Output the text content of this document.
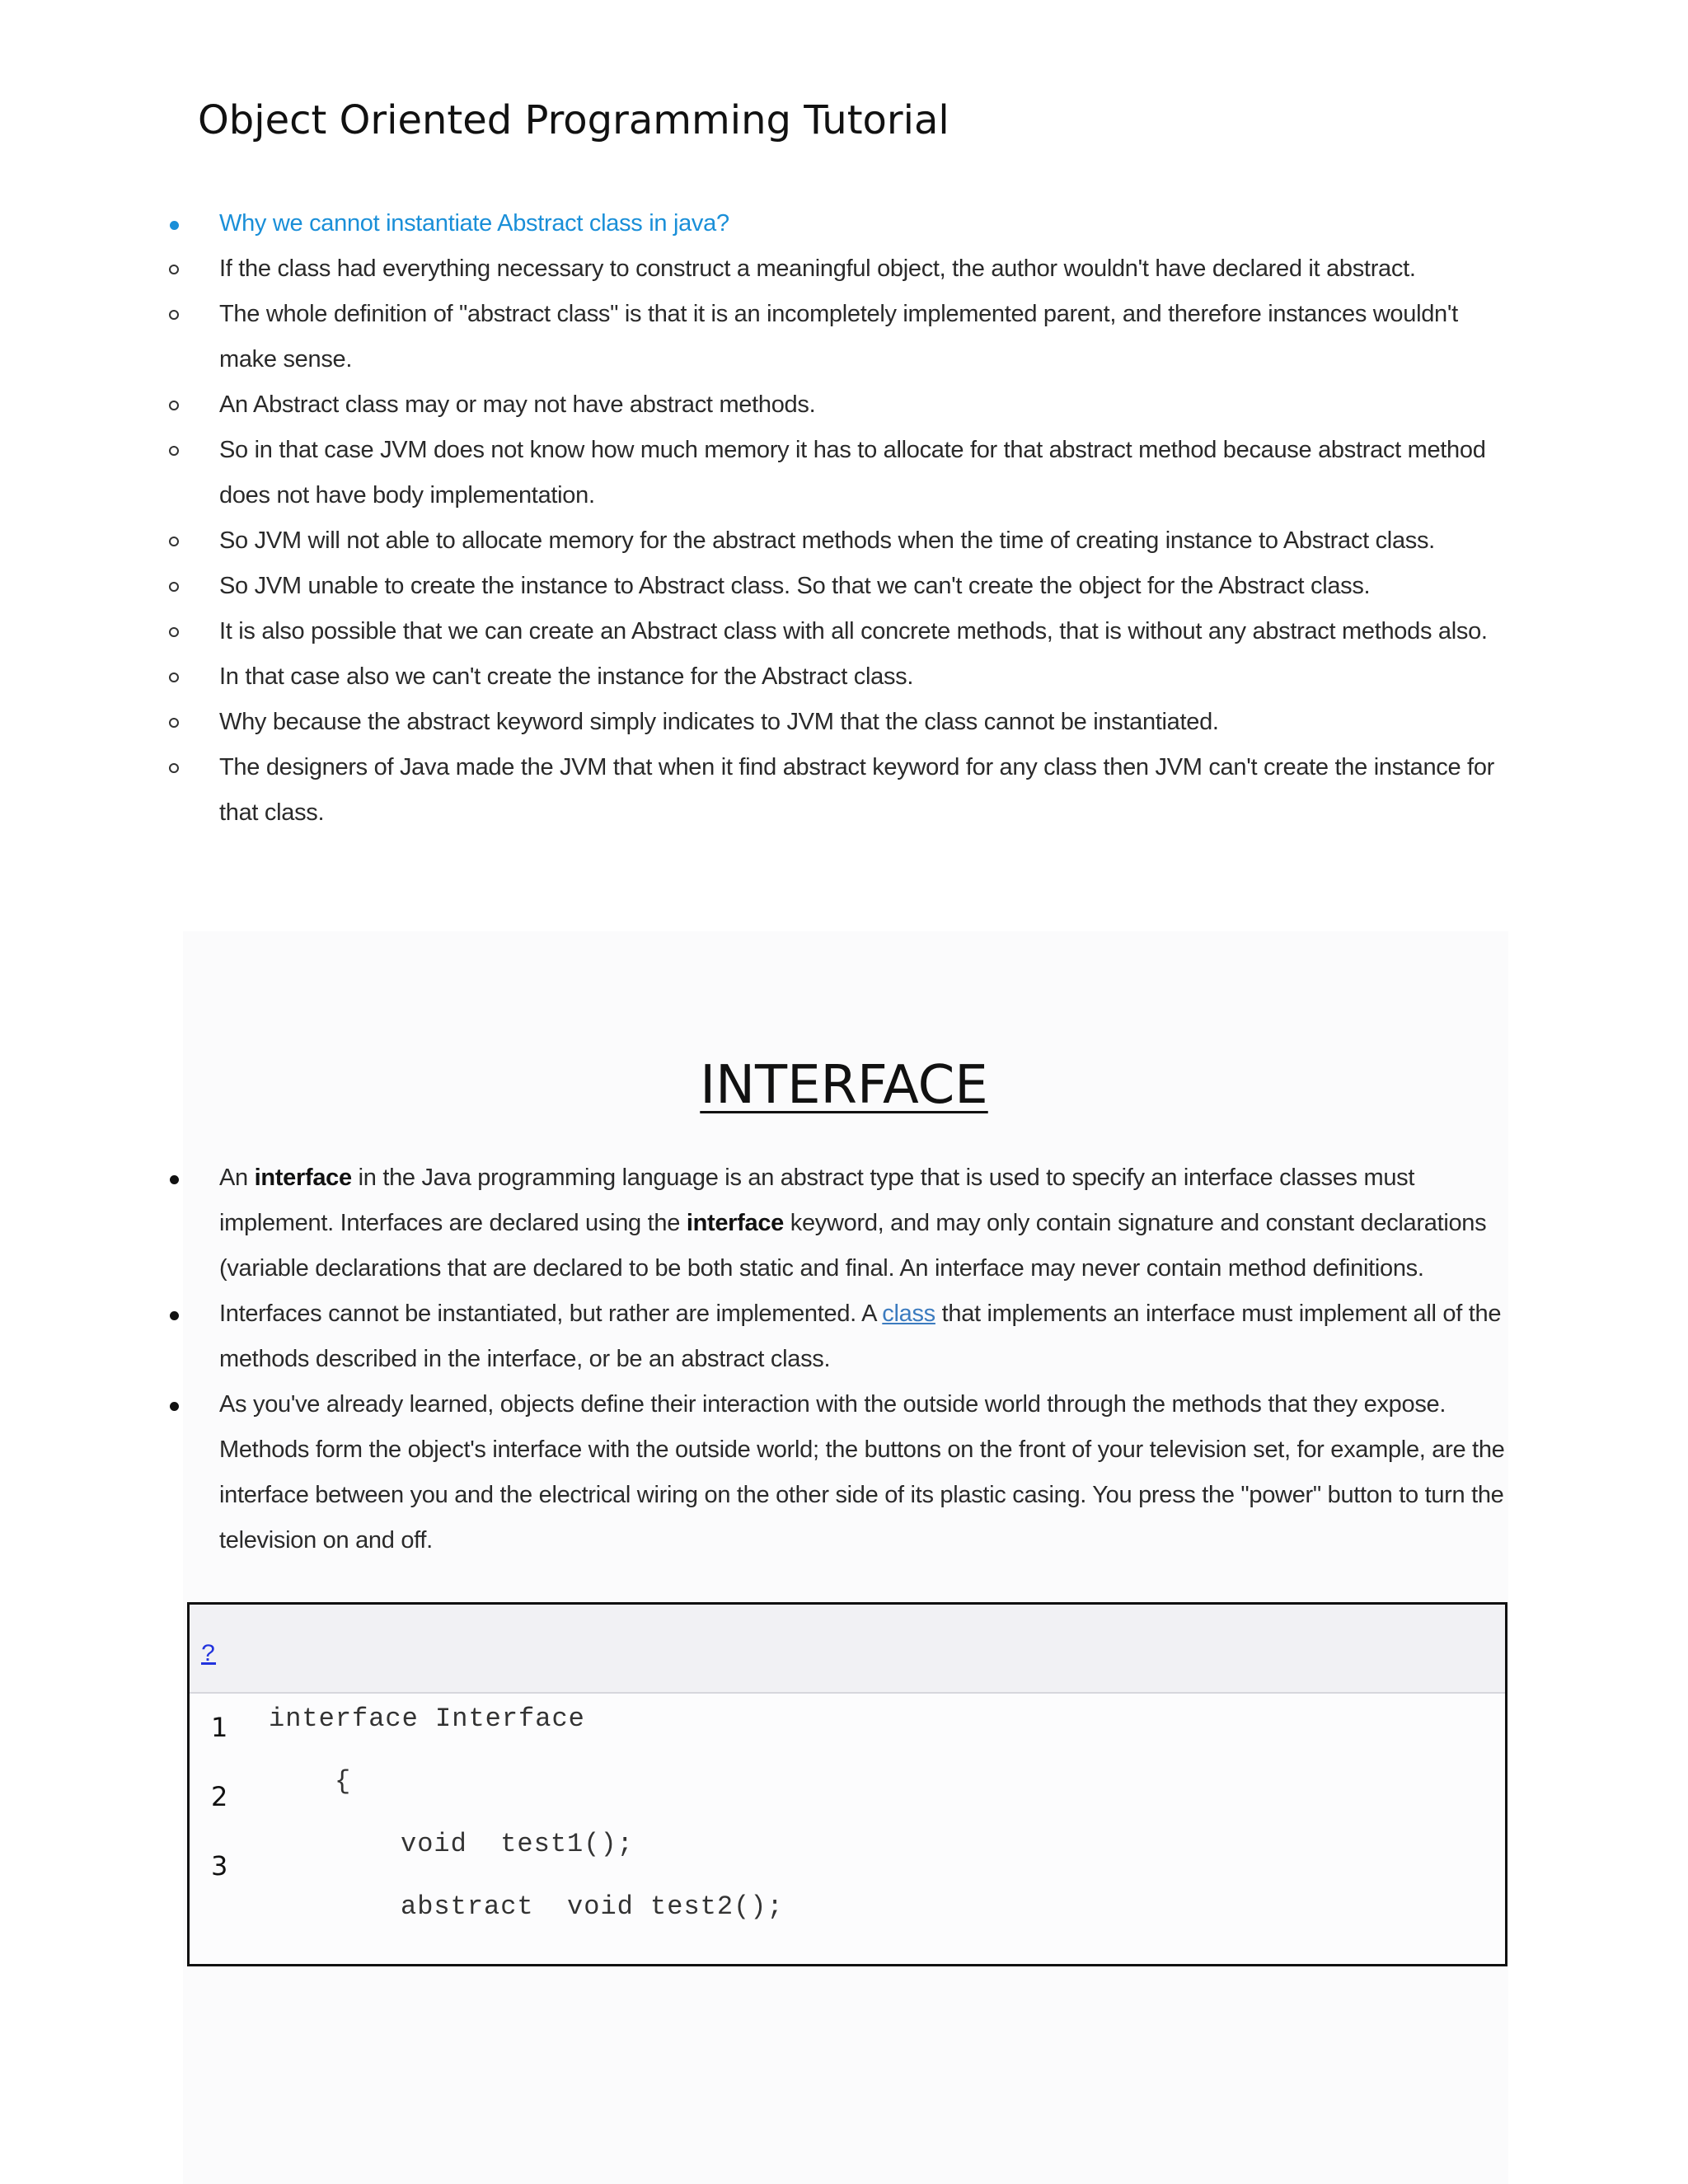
Object Oriented Programming Tutorial
Why we cannot instantiate Abstract class in java?
If the class had everything necessary to construct a meaningful object, the author wouldn't have declared it abstract.
The whole definition of "abstract class" is that it is an incompletely implemented parent, and therefore instances wouldn't make sense.
An Abstract class may or may not have abstract methods.
So in that case JVM does not know how much memory it has to allocate for that abstract method because abstract method does not have body implementation.
So JVM will not able to allocate memory for the abstract methods when the time of creating instance to Abstract class.
So JVM unable to create the instance to Abstract class. So that we can't create the object for the Abstract class.
It is also possible that we can create an Abstract class with all concrete methods, that is without any abstract methods also.
In that case also we can't create the instance for the Abstract class.
Why because the abstract keyword simply indicates to JVM that the class cannot be instantiated.
The designers of Java made the JVM that when it find abstract keyword for any class then JVM can't create the instance for that class.
INTERFACE
An interface in the Java programming language is an abstract type that is used to specify an interface classes must implement. Interfaces are declared using the interface keyword, and may only contain signature and constant declarations (variable declarations that are declared to be both static and final. An interface may never contain method definitions.
Interfaces cannot be instantiated, but rather are implemented. A class that implements an interface must implement all of the methods described in the interface, or be an abstract class.
As you've already learned, objects define their interaction with the outside world through the methods that they expose. Methods form the object's interface with the outside world; the buttons on the front of your television set, for example, are the interface between you and the electrical wiring on the other side of its plastic casing. You press the "power" button to turn the television on and off.
?
1
2
3
interface Interface
{
void  test1();
abstract  void test2();
